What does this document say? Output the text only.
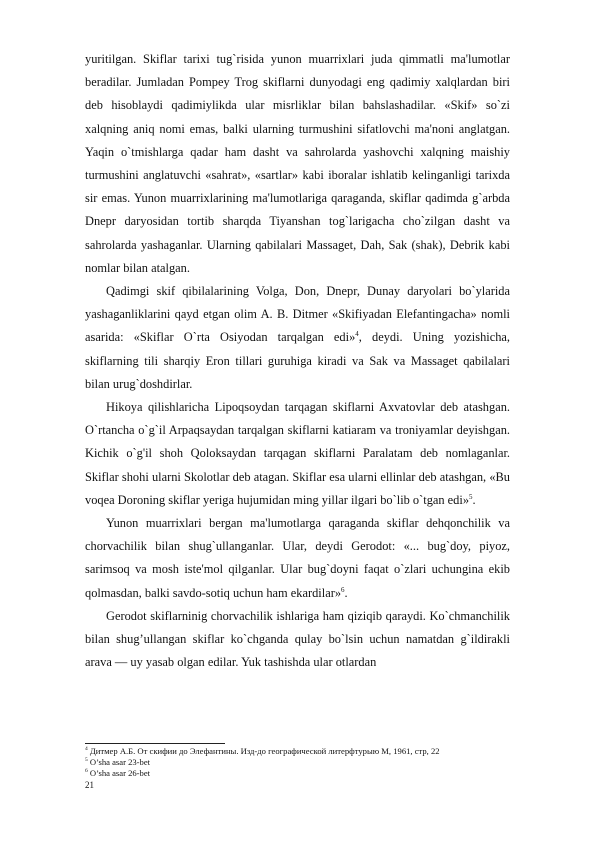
yuritilgan. Skiflar tarixi tug`risida yunon muarrixlari juda qimmatli ma'lumotlar beradilar. Jumladan Pompey Trog skiflarni dunyodagi eng qadimiy xalqlardan biri deb hisoblaydi qadimiylikda ular misrliklar bilan bahslashadilar. «Skif» so`zi xalqning aniq nomi emas, balki ularning turmushini sifatlovchi ma'noni anglatgan. Yaqin o`tmishlarga qadar ham dasht va sahrolarda yashovchi xalqning maishiy turmushini anglatuvchi «sahrat», «sartlar» kabi iboralar ishlatib kelinganligi tarixda sir emas. Yunon muarrixlarining ma'lumotlariga qaraganda, skiflar qadimda g`arbda Dnepr daryosidan tortib sharqda Tiyanshan tog`larigacha cho`zilgan dasht va sahrolarda yashaganlar. Ularning qabilalari Massaget, Dah, Sak (shak), Debrik kabi nomlar bilan atalgan.

Qadimgi skif qibilalarining Volga, Don, Dnepr, Dunay daryolari bo`ylarida yashaganliklarini qayd etgan olim A. B. Ditmer «Skifiyadan Elefantingacha» nomli asarida: «Skiflar O`rta Osiyodan tarqalgan edi»$^4$, deydi. Uning yozishicha, skiflarning tili sharqiy Eron tillari guruhiga kiradi va Sak va Massaget qabilalari bilan urug`doshdirlar.

Hikoya qilishlaricha Lipoqsoydan tarqagan skiflarni Axvatovlar deb atashgan. O`rtancha o`g`il Arpaqsaydan tarqalgan skiflarni katiaram va troniyamlar deyishgan. Kichik o`g'il shoh Qoloksaydan tarqagan skiflarni Paralatam deb nomlaganlar. Skiflar shohi ularni Skolotlar deb atagan. Skiflar esa ularni ellinlar deb atashgan, «Bu voqea Doroning skiflar yeriga hujumidan ming yillar ilgari bo`lib o`tgan edi»$^5$.

Yunon muarrixlari bergan ma'lumotlarga qaraganda skiflar dehqonchilik va chorvachilik bilan shug`ullanganlar. Ular, deydi Gerodot: «... bug`doy, piyoz, sarimsoq va mosh iste'mol qilganlar. Ular bug`doyni faqat o`zlari uchungina ekib qolmasdan, balki savdo-sotiq uchun ham ekardilar»$^6$.

Gerodot skiflarninig chorvachilik ishlariga ham qiziqib qaraydi. Ko`chmanchilik bilan shug’ullangan skiflar ko`chganda qulay bo`lsin uchun namatdan g`ildirakli arava — uy yasab olgan edilar. Yuk tashishda ular otlardan

$^4$ Дитмер А.Б. От скифии до Элефантины. Изд-до географической литерфтурыю М, 1961, стр, 22
$^5$ O’sha asar 23-bet
$^6$ O’sha asar 26-bet
21
